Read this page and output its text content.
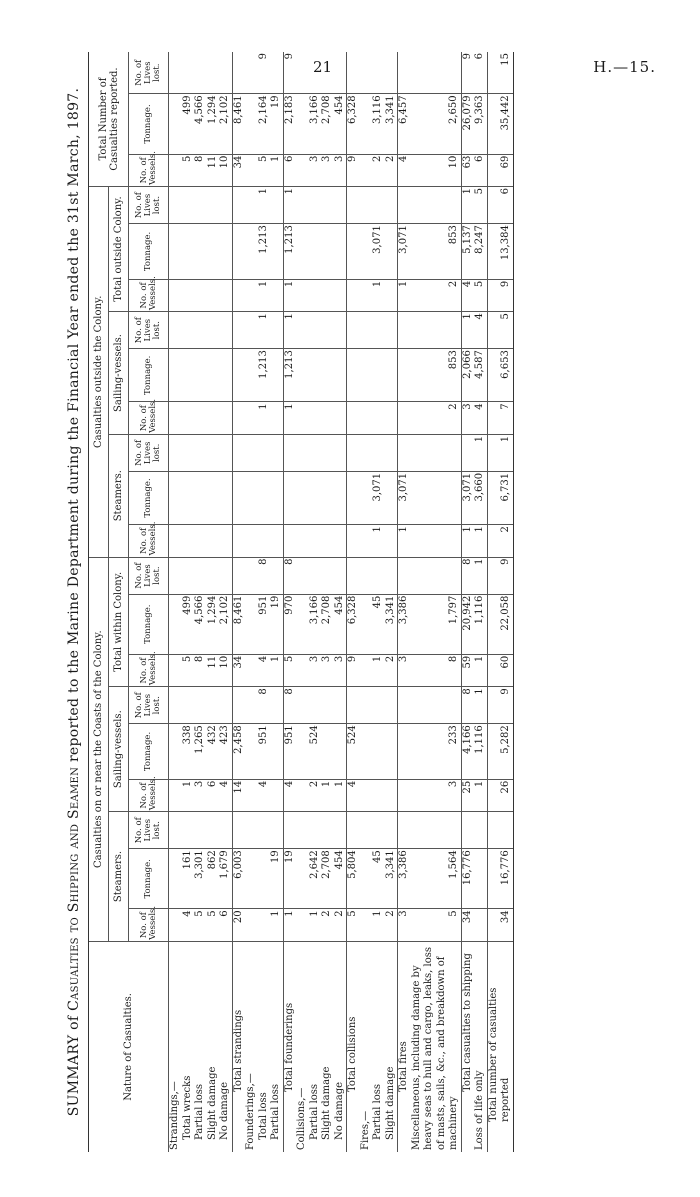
21	H.—15.
SUMMARY of Casualties to Shipping and Seamen reported to the Marine Department during the Financial Year ended the 31st March, 1897.
Nature of Casualties.	Casualties on or near the Coasts of the Colony.									Casualties outside the Colony.									Total Number of Casualties reported.		
	Steamers.			Sailing-vessels.			Total within Colony.			Steamers.			Sailing-vessels.			Total outside Colony.					
	No. of Vessels.	Tonnage.	No. of Lives lost.	No. of Vessels.	Tonnage.	No. of Lives lost.	No. of Vessels.	Tonnage.	No. of Lives lost.	No. of Vessels.	Tonnage.	No. of Lives lost.	No. of Vessels.	Tonnage.	No. of Lives lost.	No. of Vessels.	Tonnage.	No. of Lives lost.	No. of Vessels.	Tonnage.	No. of Lives lost.
Strandings,—																					

Total wrecks	4	161		1	338		5	499											5	499	

Partial loss	5	3,301		3	1,265		8	4,566											8	4,566	

Slight damage	5	862		6	432		11	1,294											11	1,294	

No damage	6	1,679		4	423		10	2,102											10	2,102	
Total strandings	20	6,003		14	2,458		34	8,461											34	8,461	
Founderings,—																					

Total loss				4	951	8	4	951	8				1	1,213	1	1	1,213	1	5	2,164	9

Partial loss	1	19					1	19											1	19	
Total founderings	1	19		4	951	8	5	970	8				1	1,213	1	1	1,213	1	6	2,183	9
Collisions,—																					

Partial loss	1	2,642		2	524		3	3,166											3	3,166	

Slight damage	2	2,708		1			3	2,708											3	2,708	

No damage	2	454		1			3	454											3	454	
Total collisions	5	5,804		4	524		9	6,328											9	6,328	
Fires,—																					

Partial loss	1	45					1	45		1	3,071					1	3,071		2	3,116	

Slight damage	2	3,341					2	3,341											2	3,341	
Total fires	3	3,386					3	3,386		1	3,071					1	3,071		4	6,457	
Miscellaneous, including damage by heavy seas to hull and cargo, leaks, loss of masts, sails, &c., and breakdown of machinery	5	1,564		3	233		8	1,797					2	853		2	853		10	2,650	
Total casualties to shipping	34	16,776		25	4,166	8	59	20,942	8	1	3,071		3	2,066	1	4	5,137	1	63	26,079	9
Loss of life only				1	1,116	1	1	1,116	1	1	3,660	1	4	4,587	4	5	8,247	5	6	9,363	6
Total number of casualties reported	34	16,776		26	5,282	9	60	22,058	9	2	6,731	1	7	6,653	5	9	13,384	6	69	35,442	15
